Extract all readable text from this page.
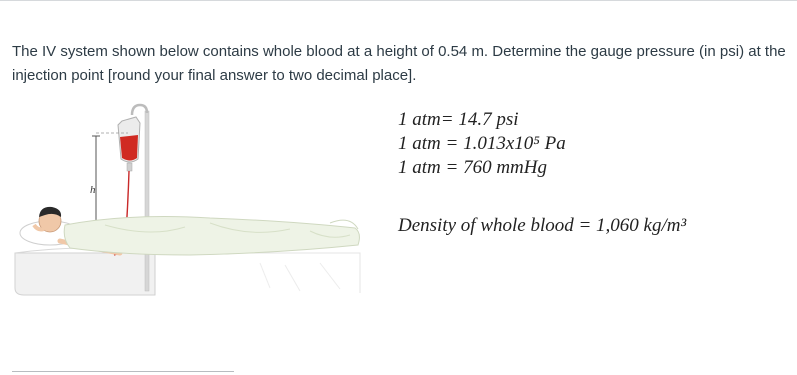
The IV system shown below contains whole blood at a height of 0.54 m. Determine the gauge pressure (in psi) at the injection point [round your final answer to two decimal place].

h
1 atm= 14.7 psi
1 atm = 1.013x10⁵ Pa
1 atm = 760 mmHg
Density of whole blood = 1,060 kg/m³
